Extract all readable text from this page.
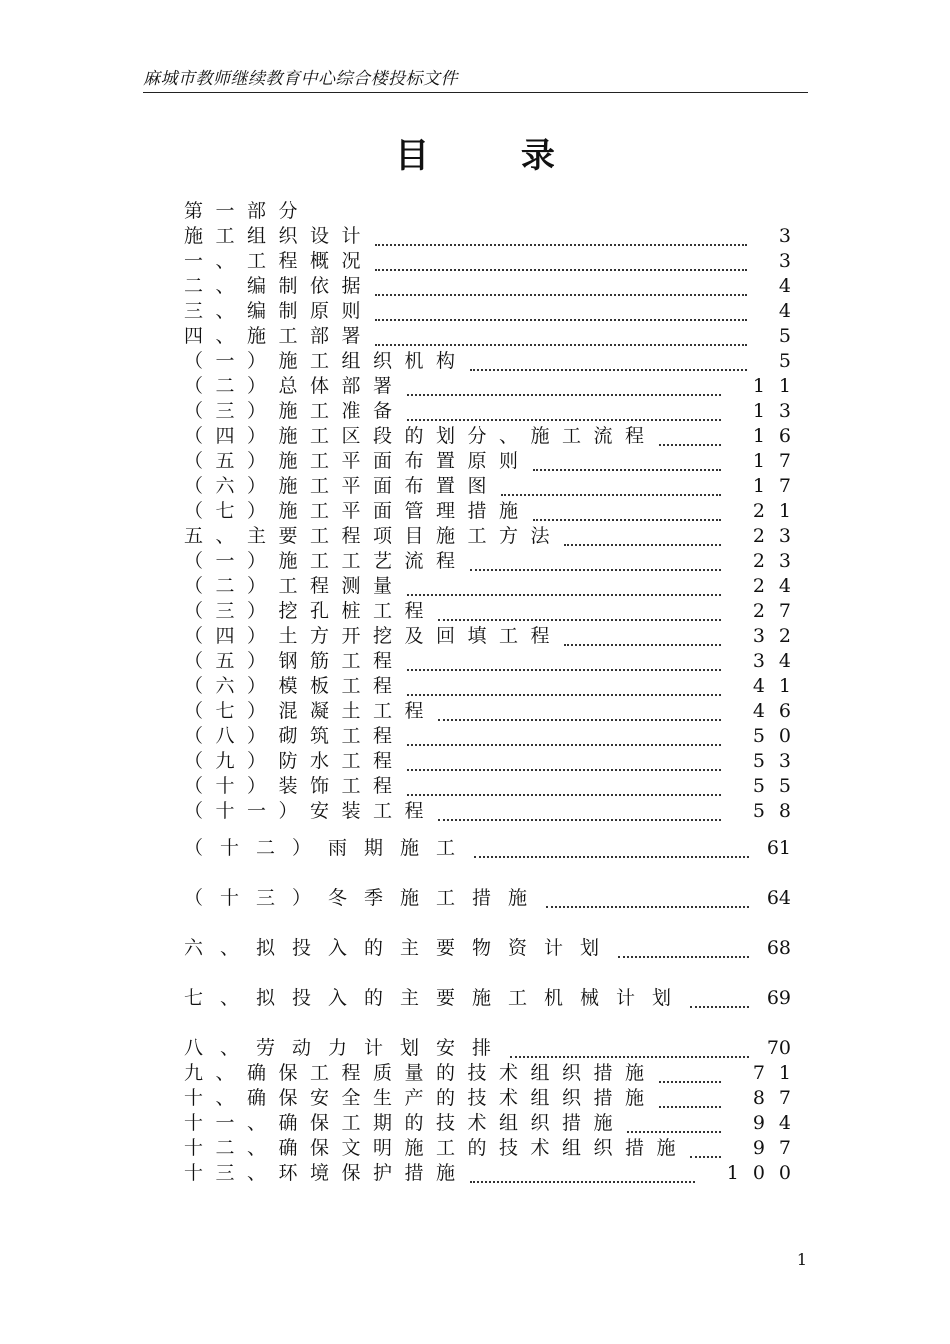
麻城市教师继续教育中心综合楼投标文件
目 录
第一部分
施工组织设计	3
一、工程概况	3
二、编制依据	4
三、编制原则	4
四、施工部署	5
（一）施工组织机构	5
（二）总体部署	11
（三）施工准备	13
（四）施工区段的划分、施工流程	16
（五）施工平面布置原则	17
（六）施工平面布置图	17
（七）施工平面管理措施	21
五、主要工程项目施工方法	23
（一）施工工艺流程	23
（二）工程测量	24
（三）挖孔桩工程	27
（四）土方开挖及回填工程	32
（五）钢筋工程	34
（六）模板工程	41
（七）混凝土工程	46
（八）砌筑工程	50
（九）防水工程	53
（十）装饰工程	55
（十一）安装工程	58
（十二）雨期施工	61
（十三）冬季施工措施	64
六、拟投入的主要物资计划	68
七、拟投入的主要施工机械计划	69
八、劳动力计划安排	70
九、确保工程质量的技术组织措施	71
十、确保安全生产的技术组织措施	87
十一、确保工期的技术组织措施	94
十二、确保文明施工的技术组织措施	97
十三、环境保护措施	100
1
